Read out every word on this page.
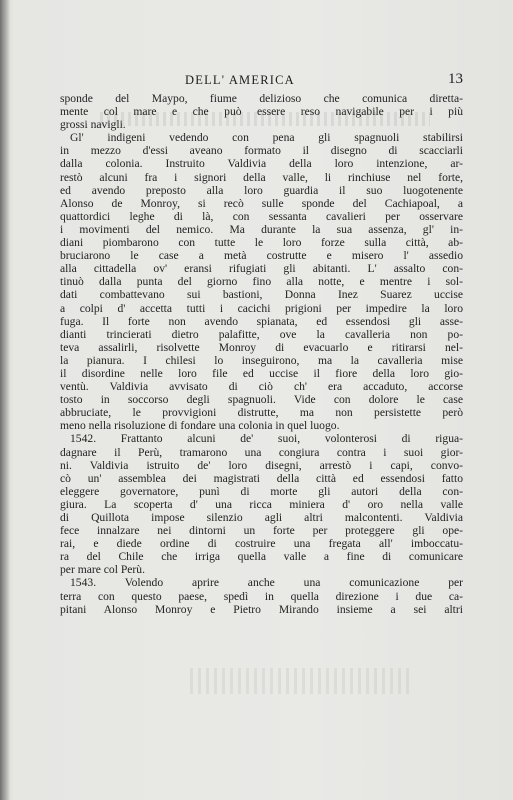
DELL' AMERICA	13
sponde del Maypo, fiume delizioso che comunica diretta-
mente col mare e che può essere reso navigabile per i più
grossi navigli.
Gl' indigeni vedendo con pena gli spagnuoli stabilirsi
in mezzo d'essi aveano formato il disegno di scacciarli
dalla colonia. Instruito Valdivia della loro intenzione, ar-
restò alcuni fra i signori della valle, li rinchiuse nel forte,
ed avendo preposto alla loro guardia il suo luogotenente
Alonso de Monroy, si recò sulle sponde del Cachiapoal, a
quattordici leghe di là, con sessanta cavalieri per osservare
i movimenti del nemico. Ma durante la sua assenza, gl' in-
diani piombarono con tutte le loro forze sulla città, ab-
bruciarono le case a metà costrutte e misero l' assedio
alla cittadella ov' eransi rifugiati gli abitanti. L' assalto con-
tinuò dalla punta del giorno fino alla notte, e mentre i sol-
dati combattevano sui bastioni, Donna Inez Suarez uccise
a colpi d' accetta tutti i cacichi prigioni per impedire la loro
fuga. Il forte non avendo spianata, ed essendosi gli asse-
dianti trincierati dietro palafitte, ove la cavalleria non po-
teva assalirli, risolvette Monroy di evacuarlo e ritirarsi nel-
la pianura. I chilesi lo inseguirono, ma la cavalleria mise
il disordine nelle loro file ed uccise il fiore della loro gio-
ventù. Valdivia avvisato di ciò ch' era accaduto, accorse
tosto in soccorso degli spagnuoli. Vide con dolore le case
abbruciate, le provvigioni distrutte, ma non persistette però
meno nella risoluzione di fondare una colonia in quel luogo.
1542. Frattanto alcuni de' suoi, volonterosi di rigua-
dagnare il Perù, tramarono una congiura contra i suoi gior-
ni. Valdivia istruito de' loro disegni, arrestò i capi, convo-
cò un' assemblea dei magistrati della città ed essendosi fatto
eleggere governatore, punì di morte gli autori della con-
giura. La scoperta d' una ricca miniera d' oro nella valle
di Quillota impose silenzio agli altri malcontenti. Valdivia
fece innalzare nei dintorni un forte per proteggere gli ope-
rai, e diede ordine di costruire una fregata all' imboccatu-
ra del Chile che irriga quella valle a fine di comunicare
per mare col Perù.
1543. Volendo aprire anche una comunicazione per
terra con questo paese, spedì in quella direzione i due ca-
pitani Alonso Monroy e Pietro Mirando insieme a sei altri
